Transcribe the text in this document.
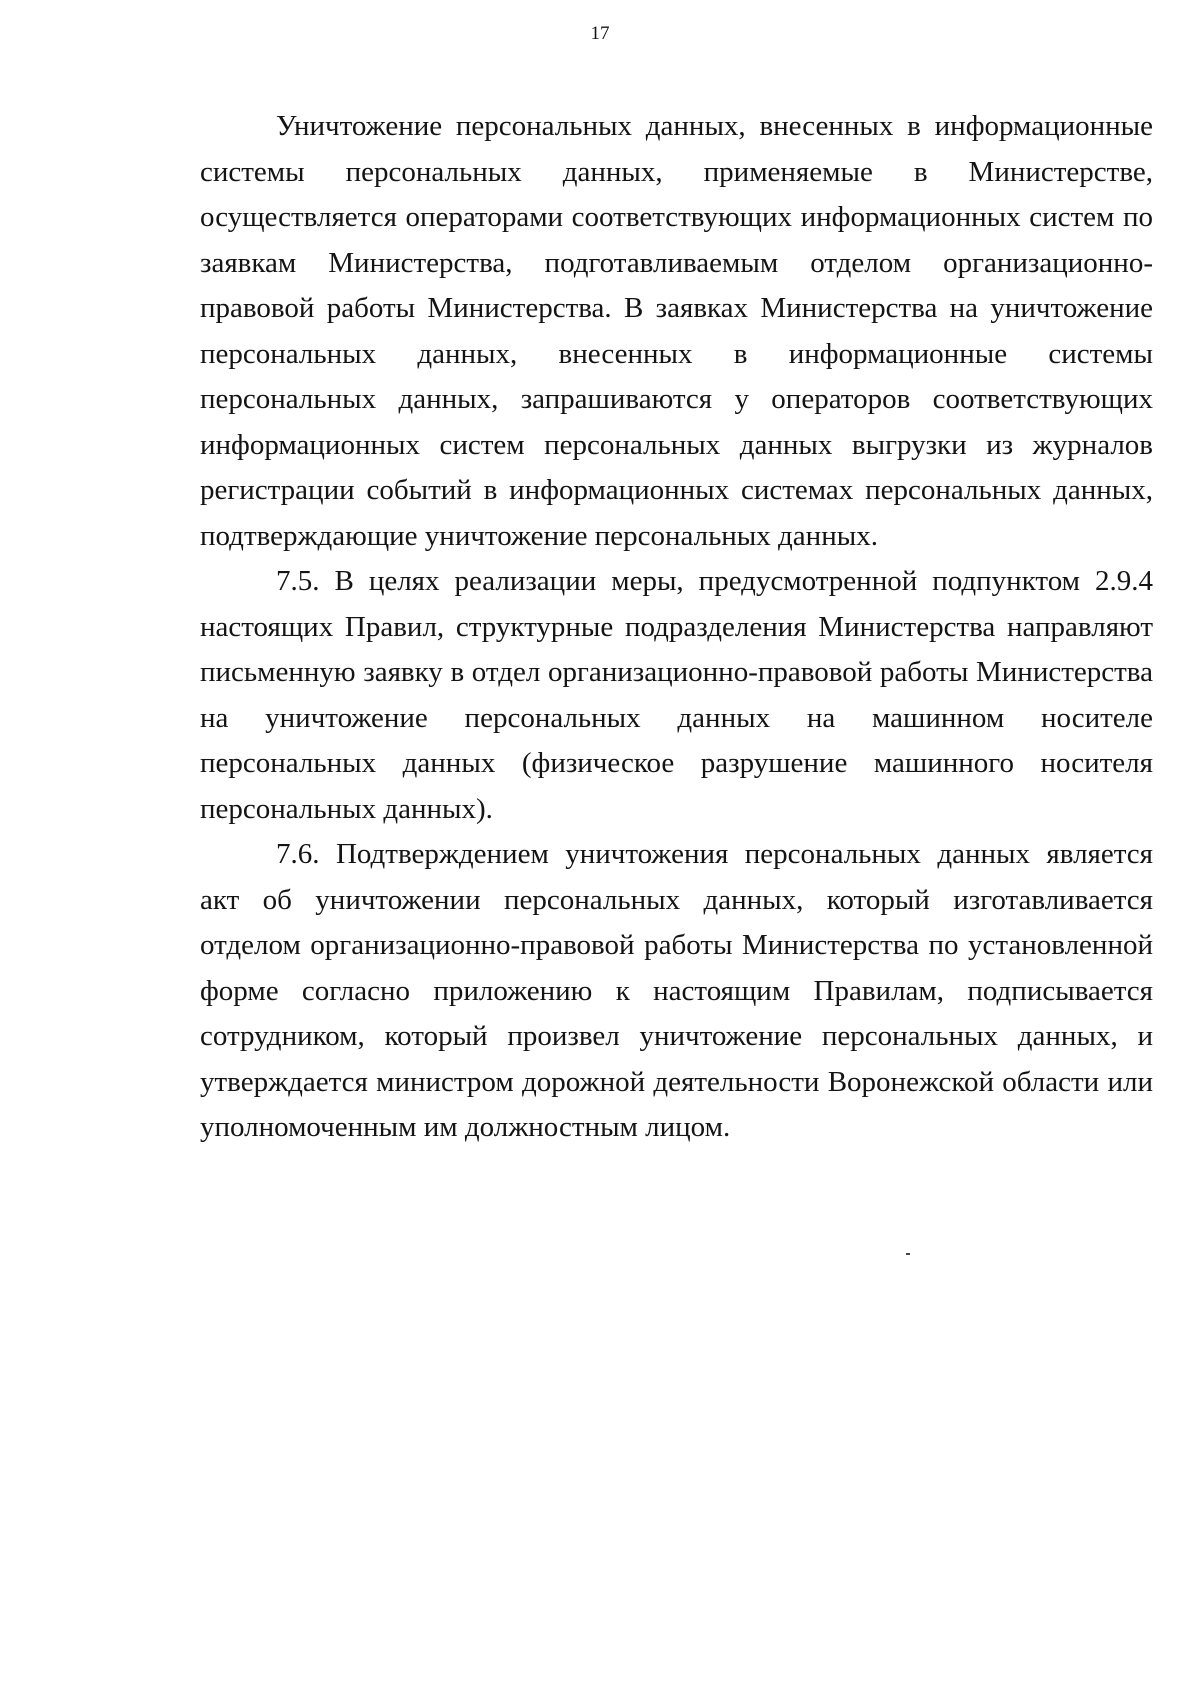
17

Уничтожение персональных данных, внесенных в информационные системы персональных данных, применяемые в Министерстве, осуществляется операторами соответствующих информационных систем по заявкам Министерства, подготавливаемым отделом организационно-правовой работы Министерства. В заявках Министерства на уничтожение персональных данных, внесенных в информационные системы персональных данных, запрашиваются у операторов соответствующих информационных систем персональных данных выгрузки из журналов регистрации событий в информационных системах персональных данных, подтверждающие уничтожение персональных данных.

7.5. В целях реализации меры, предусмотренной подпунктом 2.9.4 настоящих Правил, структурные подразделения Министерства направляют письменную заявку в отдел организационно-правовой работы Министерства на уничтожение персональных данных на машинном носителе персональных данных (физическое разрушение машинного носителя персональных данных).

7.6. Подтверждением уничтожения персональных данных является акт об уничтожении персональных данных, который изготавливается отделом организационно-правовой работы Министерства по установленной форме согласно приложению к настоящим Правилам, подписывается сотрудником, который произвел уничтожение персональных данных, и утверждается министром дорожной деятельности Воронежской области или уполномоченным им должностным лицом.
